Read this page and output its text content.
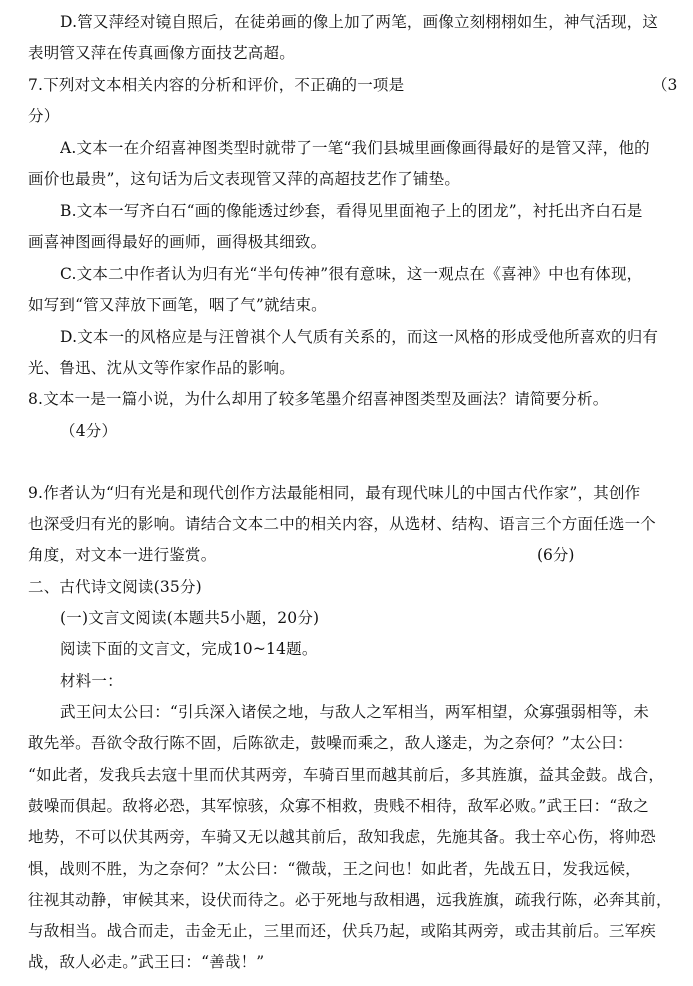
D.管又萍经对镜自照后，在徒弟画的像上加了两笔，画像立刻栩栩如生，神气活现，这
表明管又萍在传真画像方面技艺高超。
7.下列对文本相关内容的分析和评价，不正确的一项是	（3
分）
A.文本一在介绍喜神图类型时就带了一笔“我们县城里画像画得最好的是管又萍，他的
画价也最贵”，这句话为后文表现管又萍的高超技艺作了铺垫。
B.文本一写齐白石“画的像能透过纱套，看得见里面袍子上的团龙”，衬托出齐白石是
画喜神图画得最好的画师，画得极其细致。
C.文本二中作者认为归有光“半句传神”很有意味，这一观点在《喜神》中也有体现，
如写到“管又萍放下画笔，咽了气”就结束。
D.文本一的风格应是与汪曾祺个人气质有关系的，而这一风格的形成受他所喜欢的归有
光、鲁迅、沈从文等作家作品的影响。
8.文本一是一篇小说，为什么却用了较多笔墨介绍喜神图类型及画法？请简要分析。
（4分）
9.作者认为“归有光是和现代创作方法最能相同，最有现代味儿的中国古代作家”，其创作
也深受归有光的影响。请结合文本二中的相关内容，从选材、结构、语言三个方面任选一个
角度，对文本一进行鉴赏。	(6分)
二、古代诗文阅读(35分)
(一)文言文阅读(本题共5小题，20分)
阅读下面的文言文，完成10~14题。
材料一：
武王问太公曰：“引兵深入诸侯之地，与敌人之军相当，两军相望，众寡强弱相等，未
敢先举。吾欲令敌行陈不固，后陈欲走，鼓噪而乘之，敌人遂走，为之奈何？”太公曰：
“如此者，发我兵去寇十里而伏其两旁，车骑百里而越其前后，多其旌旗，益其金鼓。战合，
鼓噪而俱起。敌将必恐，其军惊骇，众寡不相救，贵贱不相待，敌军必败。”武王曰：“敌之
地势，不可以伏其两旁，车骑又无以越其前后，敌知我虑，先施其备。我士卒心伤，将帅恐
惧，战则不胜，为之奈何？”太公曰：“微哉，王之问也！如此者，先战五日，发我远候，
往视其动静，审候其来，设伏而待之。必于死地与敌相遇，远我旌旗，疏我行陈，必奔其前，
与敌相当。战合而走，击金无止，三里而还，伏兵乃起，或陷其两旁，或击其前后。三军疾
战，敌人必走。”武王曰：“善哉！”
